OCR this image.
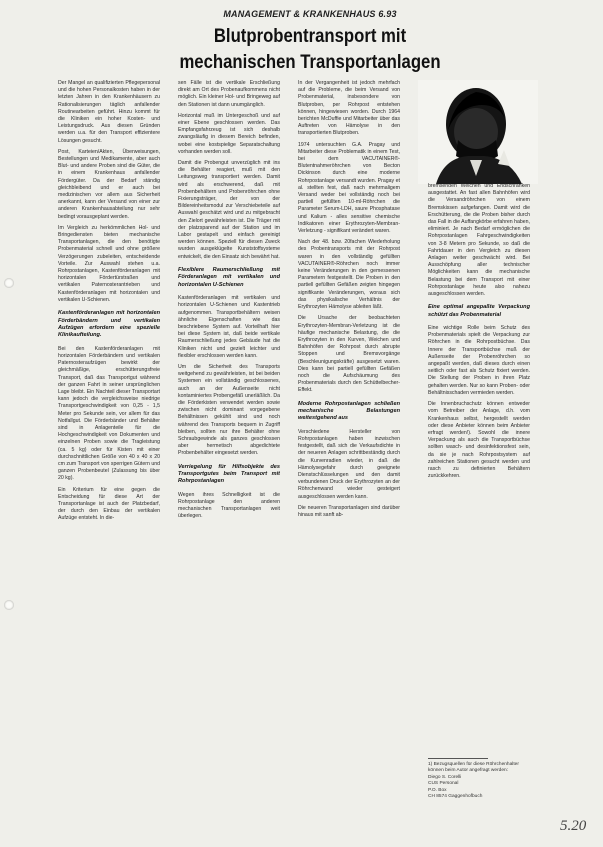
MANAGEMENT & KRANKENHAUS 6.93
Blutprobentransport mit mechanischen Transportanlagen

Der Mangel an qualifizierten Pflegepersonal und die hohen Personalkosten haben in der letzten Jahren in den Krankenhäusern zu Rationalisierungen täglich anfallender Routinearbeiten geführt. Hinzu kommt für die Kliniken ein hoher Kosten- und Leistungsdruck. Aus diesen Gründen werden u.a. für den Transport effizientere Lösungen gesucht.

Post, Karteien/Akten, Überweisungen, Bestellungen und Medikamente, aber auch Blut- und andere Proben sind die Güter, die in einem Krankenhaus anfallender Fördergüter. Da der Bedarf ständig gleichbleibend und er auch bei medizinischen vor allem aus Sicherheit anerkannt, kann der Versand von einer zur anderen Krankenhausabteilung nur sehr bedingt vorausgeplant werden.

Im Vergleich zu herkömmlichen Hol- und Bringediensten bieten mechanische Transportanlagen, die den benötigte Probenmaterial schnell und ohne größere Verzögerungen zubeleiten, entscheidende Vorteile. Zur Auswahl stehen u.a. Rohrpostanlagen, Kastenförderanlagen mit horizontalen Fördertürstraßen und vertikalen Paternosterantrieben und Kastenförderanlagen mit horizontalen und vertikalen U-Schienen.

Kastenförderanlagen mit horizontalen Förderbändern und vertikalen Aufzügen erfordern eine spezielle Klinikaufteilung.

Bei den Kastenförderanlagen mit horizontalen Förderbändern und vertikalen Paternosteraufzügen bewirkt der gleichmäßige, erschütterungsfreie Transport, daß das Transportgut während der ganzen Fahrt in seiner ursprünglichen Lage bleibt. Ein Nachteil dieser Transportart kann jedoch die vergleichsweise niedrige Transportgeschwindigkeit von 0,25 - 1,5 Meter pro Sekunde sein, vor allem für das Notfallgut. Die Förderbänder und Behälter sind in Anlagenteile für die Hochgeschwindigkeit von Dokumenten und einzelnen Proben sowie die Tragleistung (ca. 5 kg) oder für Kisten mit einer durchschnittlichen Größe von 40 x 40 x 20 cm zum Transport von sperrigen Gütern und ganzen Probenbeutel (Zulassung bis über 20 kg).

Ein Kriterium für eine gegen die Entscheidung für diese Art der Transportanlage ist auch der Platzbedarf, der durch den Einbau der vertikalen Aufzüge entsteht. In die-

sen Fälle ist die vertikale Erschließung direkt am Ort des Probenaufkommens nicht möglich. Ein kleiner Hol- und Bringeweg auf den Stationen ist dann unumgänglich.

Horizontal muß im Untergeschoß und auf einer Ebene geschlossen werden. Das Empfangsfahrzeug ist sich deshalb zwangsläufig in diesem Bereich befinden, wobei eine kostspielige Separatschaltung vorhanden werden soll.

Damit die Probengut unverzüglich mit ins die Behälter reagiert, muß mit den Leitungsweg transportiert werden. Damit wird als erschwerend, daß mit Probenbehältern und Probenröhrchen ohne Fixierungsträger, der von der Bildereinheitsmodul zur Verschiebeteile auf Auswahl geschätzt wird und zu mitgebracht den Zielort gewährleisten ist. Die Träger mit der platzsparend auf der Station und im Labor gestapelt und einfach gereinigt werden können. Speziell für diesen Zweck wurden ausgeklügelte Kunststoffsysteme entwickelt, die den Einsatz sich bewährt hat.

Flexiblere Raumerschließung mit Förderanlagen mit vertikalen und horizontalen U-Schienen

Kastenförderanlagen mit vertikalen und horizontalen U-Schienen und Kastentrieb aufgenommen. Transportbehältern weisen ähnliche Eigenschaften wie das beschriebene System auf. Vorteilhaft hier bei diese System ist, daß beide vertikale Raumerschließung jedes Gebäude hat die Kliniken nicht und gezielt leichter und flexibler erschlossen werden kann.

Um die Sicherheit des Transports weitgehend zu gewährleisten, ist bei beiden Systemen ein vollständig geschlossenes, auch an der Außenseite nicht kontaminiertes Probengefäß unerläßlich. Da die Förderkisten verwendet werden sowie zwischen nicht dominant vorgegebene Behältnissen gekühlt sind und noch während des Transports bequem in Zugriff bleiben, sollten nur ihre Behälter ohne Schraubgewinde als ganzes geschlossen aber hermetisch abgedichtete Probenbehälter eingesetzt werden.

Verriegelung für Hilfsobjekte des Transportgutes beim Transport mit Rohrpostanlagen

Wegen ihres Schnelligkeit ist die Rohrpostanlage den anderen mechanischen Transportanlagen weit überlegen.

In der Vergangenheit ist jedoch mehrfach auf die Probleme, die beim Versand von Probenmaterial, insbesondere von Blutproben, per Rohrpost entstehen können, hingewiesen worden. Durch 1964 berichten McDuffie und Mitarbeiter über das Auftreten von Hämolyse in den transportierten Blutproben.

1974 untersuchten G.A. Pragay und Mitarbeiter diese Problematik in einem Test, bei dem VACUTAINER®-Blutentnahmeröhrchen von Becton Dickinson durch eine moderne Rohrpostanlage versandt wurden. Pragay et al. stellten fest, daß nach mehrmaligem Versand weder bei vollständig noch bei partiell gefüllten 10-ml-Röhrchen die Parameter Serum-LDH, saure Phosphatase und Kalium - alles sensitive chemische Indikatoren einer Erythrozyten-Membran-Verletzung - signifikant verändert waren.

Nach der 48. bzw. 20fachen Wiederholung des Probentransports mit der Rohrpost waren in den vollständig gefüllten VACUTAINER®-Röhrchen noch immer keine Veränderungen in den gemessenen Parametern festgestellt. Die Proben in den partiell gefüllten Gefäßen zeigten hingegen signifikante Veränderungen, woraus sich das physikalische Verhältnis der Erythrozyten Hämolyse ableiten läßt.

Die Ursache der beobachteten Erythrozyten-Membran-Verletzung ist die häufige mechanische Belastung, die die Erythrozyten in den Kurven, Weichen und Bahnhöfen der Rohrpost durch abrupte Stoppen und Bremsvorgänge (Beschleunigungskräfte) ausgesetzt waren. Dies kann bei partiell gefüllten Gefäßen noch die Aufschäumung des Probenmaterials durch den Schüttelbecher-Effekt.

Moderne Rohrpostanlagen schließen mechanische Belastungen weitestgehend aus

Verschiedene Hersteller von Rohrpostanlagen haben inzwischen festgestellt, daß sich die Verkaufsdichte in der neueren Anlagen schrittbeständig durch die Kurvenradien wieder, in daß die Hämolysegefahr durch geeignete Dienstschlüsselungen und den damit verbundenen Druck der Erythrozyten an der Röhrchenwand wieder gesteigert ausgeschlossen werden kann.

Die neueren Transportanlagen sind darüber hinaus mit sanft ab-

bremsenden Weichen und Endschranken ausgestattet. An fast allen Bahnhöfen wird die Versandröhrchen von einem Bremskissen aufgefangen. Damit wird die Erschütterung, die die Proben bisher durch das Fall in die Auffangkörbe erfahren haben, eliminiert. Je nach Bedarf ermöglichen die Rohrpostanlagen Fahrgeschwindigkeiten von 3-8 Metern pro Sekunde, so daß die Fahrtdauer in den Vergleich zu diesen Anlagen weiter geschwächt wird. Bei Ausschöpfung aller technischer Möglichkeiten kann die mechanische Belastung bei dem Transport mit einer Rohrpostanlage heute also nahezu ausgeschlossen werden.

Eine optimal angepaßte Verpackung schützt das Probenmaterial

Eine wichtige Rolle beim Schutz des Probenmaterials spielt die Verpackung zur Röhrchen in die Rohrpostbüchse. Das Innere der Transportbüchse muß der Außenseite der Probenröhrchen so angepaßt werden, daß dieses durch einen seitlich oder fast als Schutz fixiert werden. Die Stellung der Proben in ihren Platz gehalten werden. Nur so kann Proben- oder Behältnisschaden vermieden werden.

Die Innenbruchschutz können entweder vom Betreiber der Anlage, d.h. vom Krankenhaus selbst, hergestellt werden oder diese Anbieter können beim Anbieter erfragt werden!). Sowohl die innere Verpackung als auch die Transportbüchse sollten wasch- und desinfektionsfest sein, da sie je nach Rohrpostsystem auf zahlreichen Stationen gesucht werden und rasch zu definierten Behältern zurückkehren.

1) Bezugsquellen für diese Röhrchenhalter können beim Autor angefragt werden:
Diego S. Corelli
CUS Personal
P.O. Box
CH 8574 Gaggenhofbuch
5.20
